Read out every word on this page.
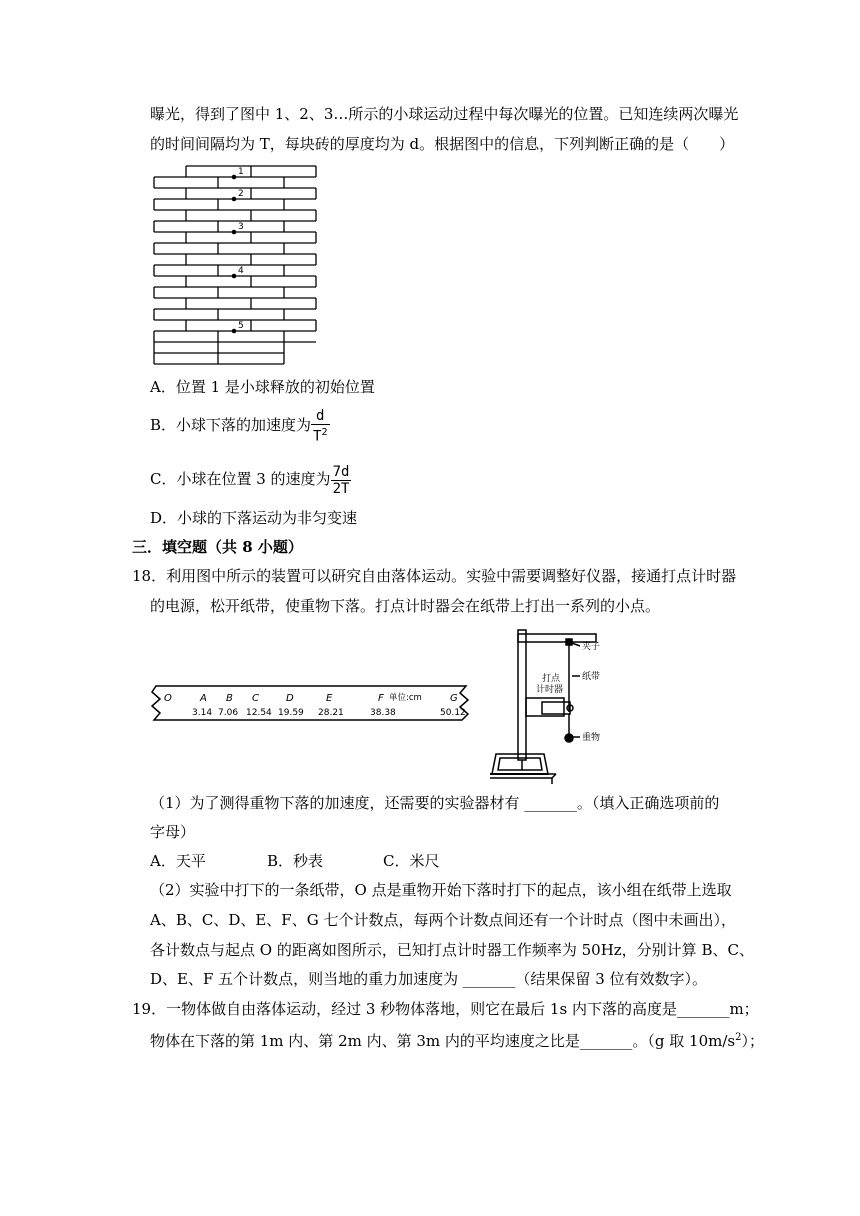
曝光，得到了图中 1、2、3…所示的小球运动过程中每次曝光的位置。已知连续两次曝光
的时间间隔均为 T，每块砖的厚度均为 d。根据图中的信息，下列判断正确的是（　　）
1
2
3
4
5
A．位置 1 是小球释放的初始位置
B．小球下落的加速度为 $\frac{d}{T^2}$
C．小球在位置 3 的速度为 $\frac{7d}{2T}$
D．小球的下落运动为非匀变速
三．填空题（共 8 小题）
18．利用图中所示的装置可以研究自由落体运动。实验中需要调整好仪器，接通打点计时器
的电源，松开纸带，使重物下落。打点计时器会在纸带上打出一系列的小点。
O	A B C	D	E	F	G
单位:cm
3.14 7.06 12.54 19.59 28.21	38.38	50.12
夹子
纸带
打点
计时器
重物
（1）为了测得重物下落的加速度，还需要的实验器材有 _______。（填入正确选项前的
字母）
A．天平	B．秒表	C．米尺
（2）实验中打下的一条纸带，O 点是重物开始下落时打下的起点，该小组在纸带上选取
A、B、C、D、E、F、G 七个计数点，每两个计数点间还有一个计时点（图中未画出），
各计数点与起点 O 的距离如图所示，已知打点计时器工作频率为 50Hz，分别计算 B、C、
D、E、F 五个计数点，则当地的重力加速度为 _______（结果保留 3 位有效数字）。
19．一物体做自由落体运动，经过 3 秒物体落地，则它在最后 1s 内下落的高度是_______m；
物体在下落的第 1m 内、第 2m 内、第 3m 内的平均速度之比是_______。（g 取 $10m/s^2$）；
